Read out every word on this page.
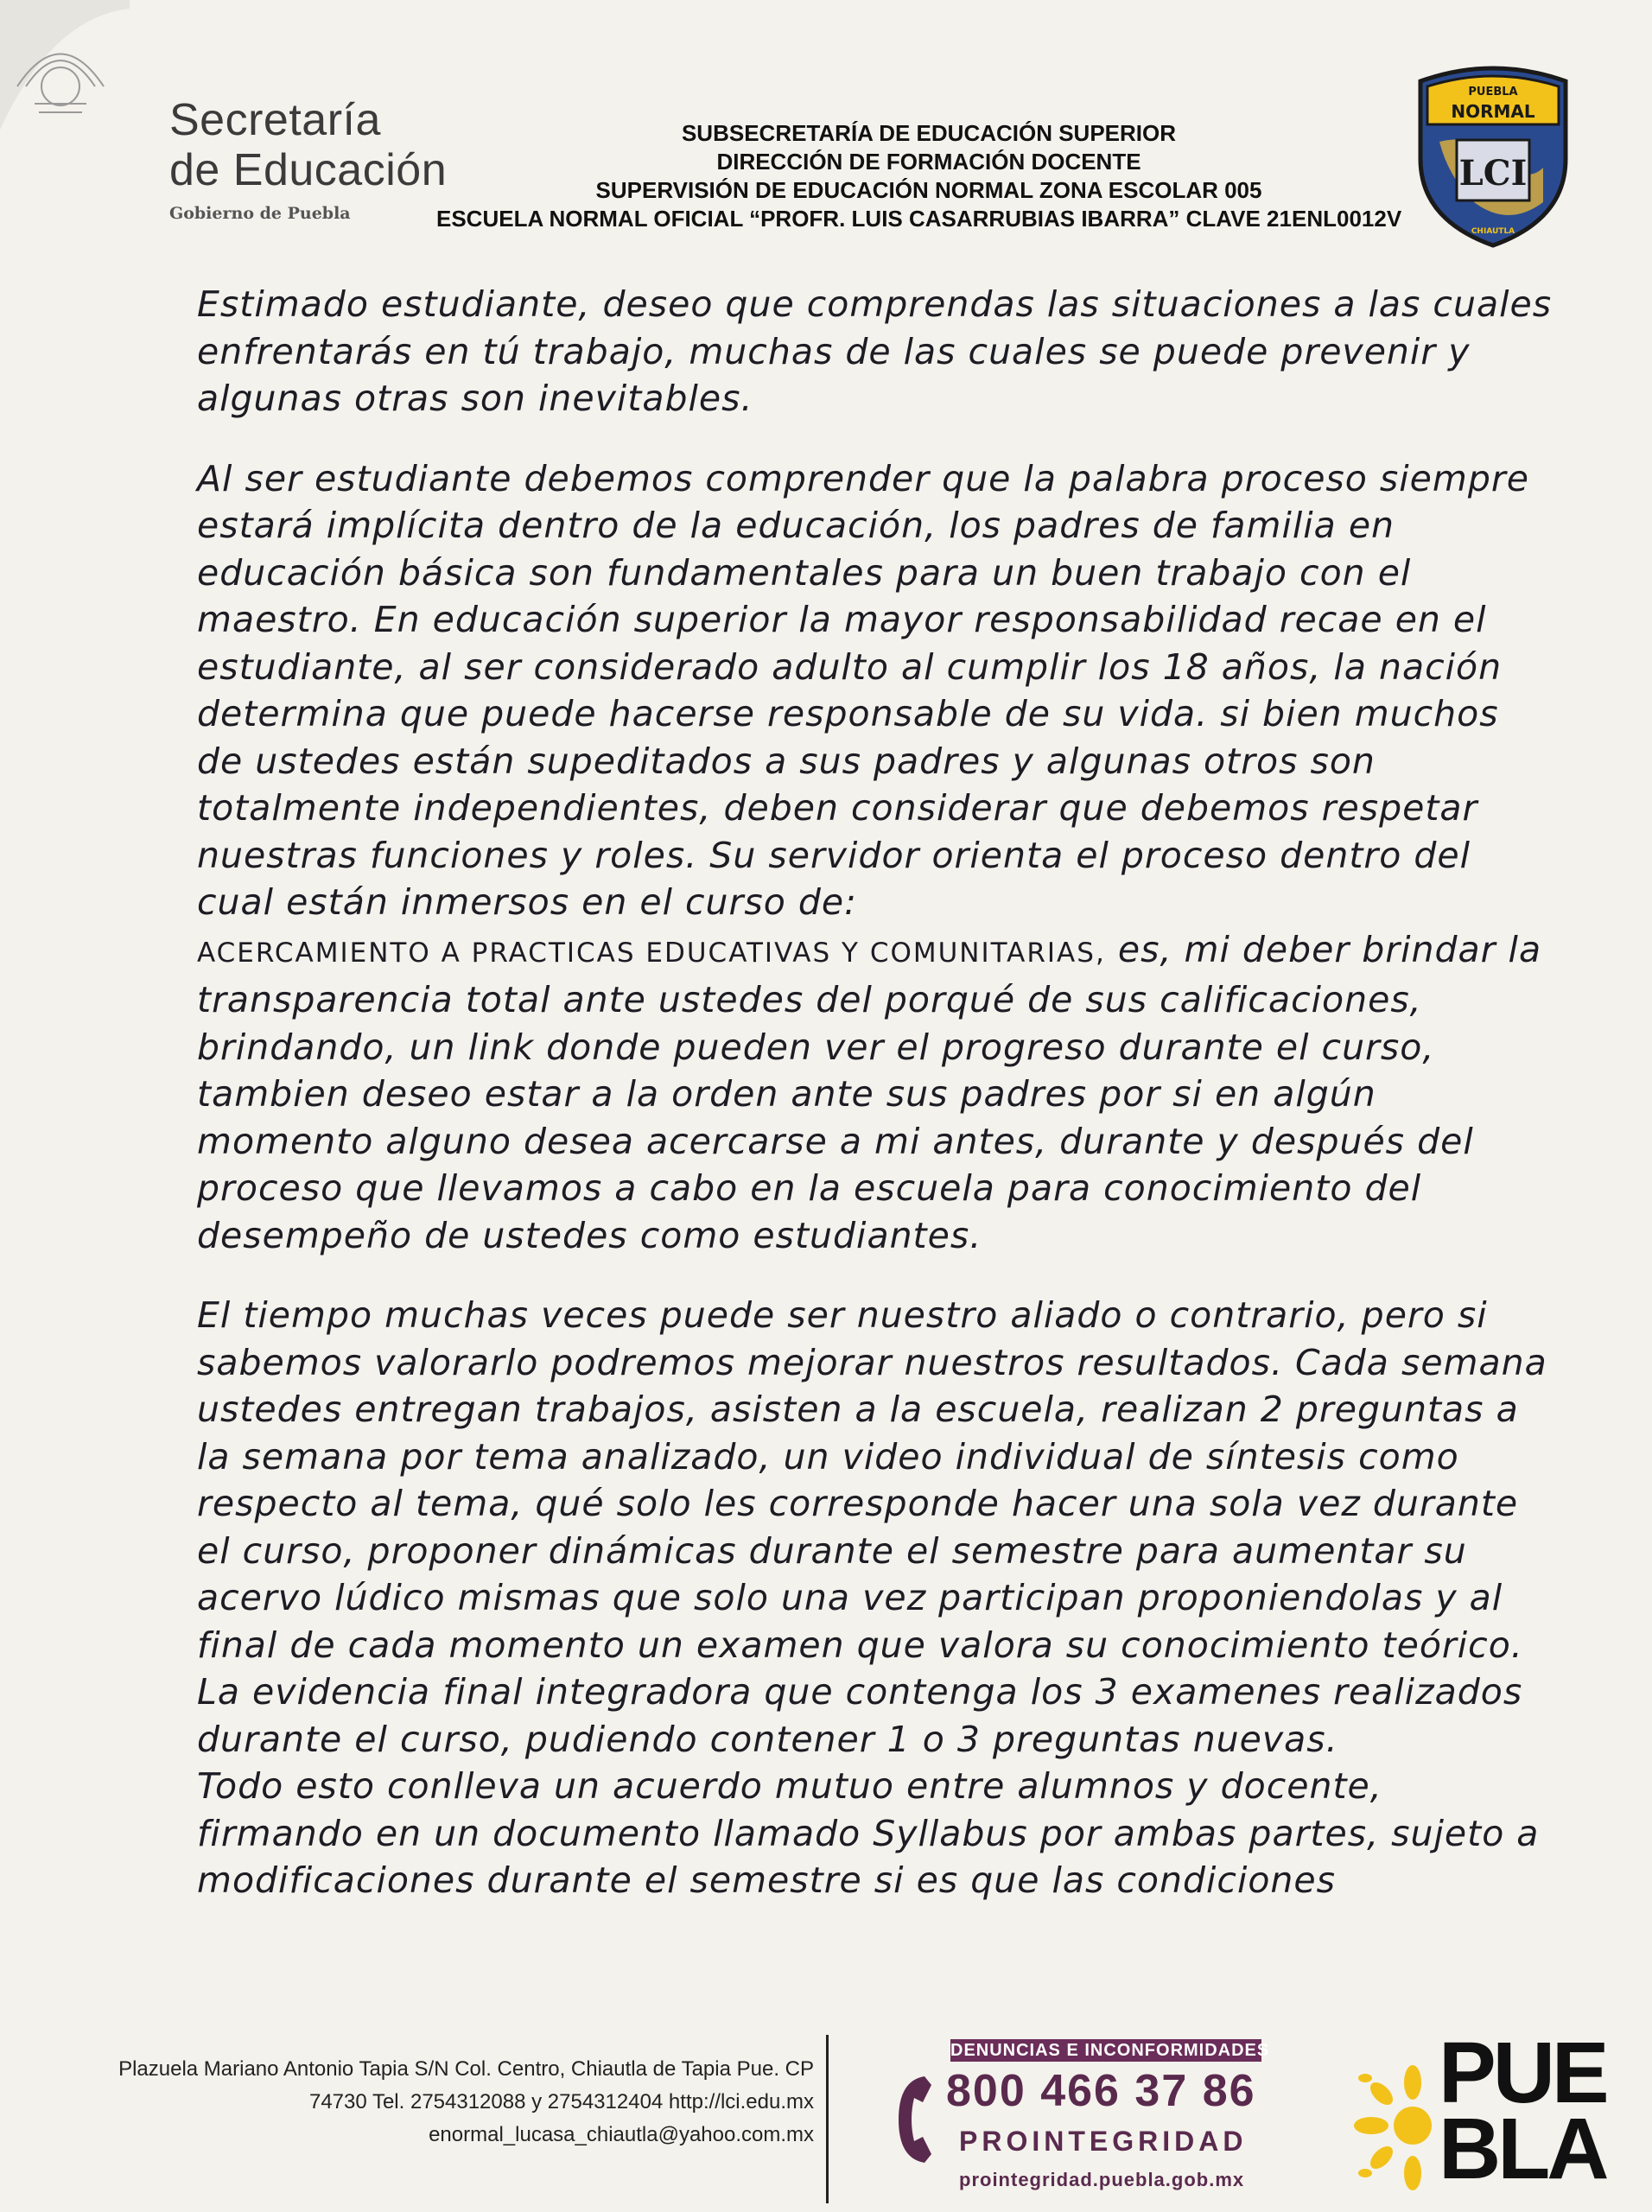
Secretaría
de Educación
Gobierno de Puebla
SUBSECRETARÍA DE EDUCACIÓN SUPERIOR
DIRECCIÓN DE FORMACIÓN DOCENTE
SUPERVISIÓN DE EDUCACIÓN NORMAL ZONA ESCOLAR 005
ESCUELA NORMAL OFICIAL “PROFR. LUIS CASARRUBIAS IBARRA” CLAVE 21ENL0012V
PUEBLA
NORMAL
LCI
CHIAUTLA

Estimado estudiante, deseo que comprendas las situaciones a las cuales enfrentarás en tú trabajo, muchas de las cuales se puede prevenir y algunas otras son inevitables.

Al ser estudiante debemos comprender que la palabra proceso siempre estará implícita dentro de la educación, los padres de familia en educación básica son fundamentales para un buen trabajo con el maestro. En educación superior la mayor responsabilidad recae en el estudiante, al ser considerado adulto al cumplir los 18 años, la nación determina que puede hacerse responsable de su vida. si bien muchos de ustedes están supeditados a sus padres y algunas otros son totalmente independientes, deben considerar que debemos respetar nuestras funciones y roles. Su servidor orienta el proceso dentro del cual están inmersos en el curso de:
ACERCAMIENTO A PRACTICAS EDUCATIVAS Y COMUNITARIAS, es, mi deber brindar la transparencia total ante ustedes del porqué de sus calificaciones, brindando, un link donde pueden ver el progreso durante el curso, tambien deseo estar a la orden ante sus padres por si en algún momento alguno desea acercarse a mi antes, durante y después del proceso que llevamos a cabo en la escuela para conocimiento del desempeño de ustedes como estudiantes.

El tiempo muchas veces puede ser nuestro aliado o contrario, pero si sabemos valorarlo podremos mejorar nuestros resultados. Cada semana ustedes entregan trabajos, asisten a la escuela, realizan 2 preguntas a la semana por tema analizado, un video individual de síntesis como respecto al tema, qué solo les corresponde hacer una sola vez durante el curso, proponer dinámicas durante el semestre para aumentar su acervo lúdico mismas que solo una vez participan proponiendolas y al final de cada momento un examen que valora su conocimiento teórico. La evidencia final integradora que contenga los 3 examenes realizados durante el curso, pudiendo contener 1 o 3 preguntas nuevas.

Todo esto conlleva un acuerdo mutuo entre alumnos y docente, firmando en un documento llamado Syllabus por ambas partes, sujeto a modificaciones durante el semestre si es que las condiciones

Plazuela Mariano Antonio Tapia S/N Col. Centro, Chiautla de Tapia Pue. CP
74730 Tel. 2754312088 y 2754312404 http://lci.edu.mx
enormal_lucasa_chiautla@yahoo.com.mx
DENUNCIAS E INCONFORMIDADES
800 466 37 86
PROINTEGRIDAD
prointegridad.puebla.gob.mx
PUE
BLA
